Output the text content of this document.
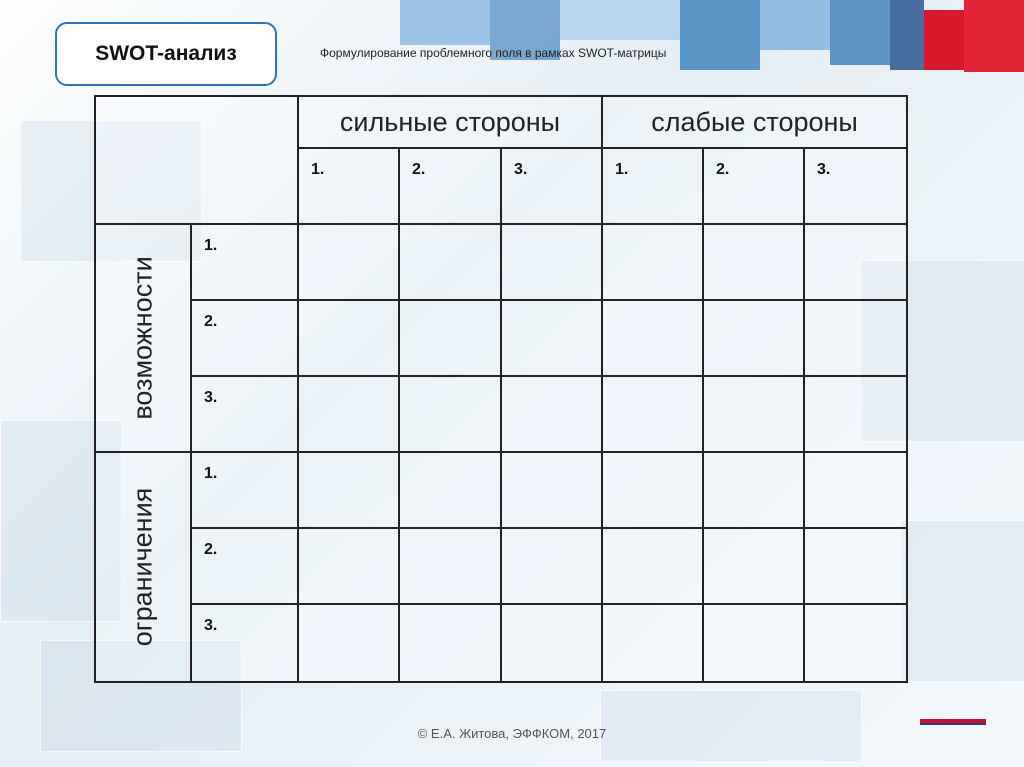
SWOT-анализ	Формулирование проблемного поля в рамках SWOT-матрицы
		сильные стороны			слабые стороны		
		1.	2.	3.	1.	2.	3.

возможности	1.						
	2.						
	3.						

ограничения	1.						
	2.						
	3.						
© Е.А. Житова, ЭФФКОМ, 2017
